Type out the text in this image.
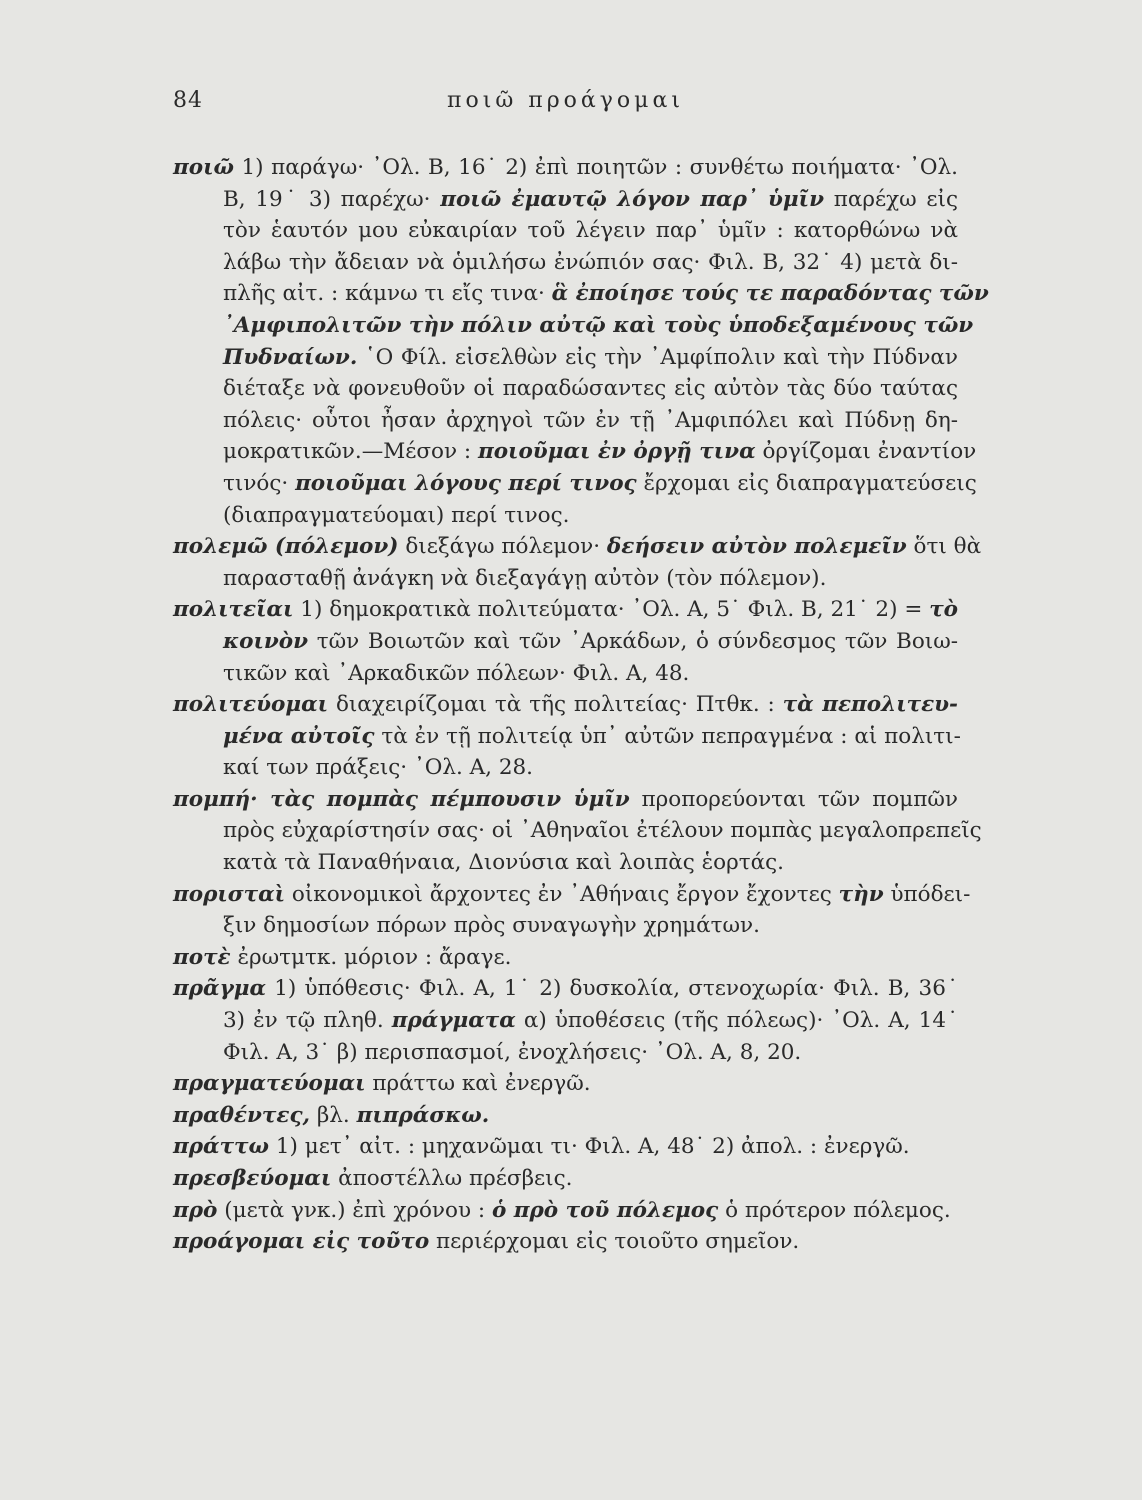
84	ποιῶ προάγομαι
ποιῶ 1) παράγω· ᾿Ολ. Β, 16˙ 2) ἐπὶ ποιητῶν : συνθέτω ποιήματα· ᾿Ολ.
Β, 19˙ 3) παρέχω· ποιῶ ἐμαυτῷ λόγον παρ᾿ ὑμῖν παρέχω εἰς
τὸν ἑαυτόν μου εὐκαιρίαν τοῦ λέγειν παρ᾿ ὑμῖν : κατορθώνω νὰ
λάβω τὴν ἄδειαν νὰ ὁμιλήσω ἐνώπιόν σας· Φιλ. Β, 32˙ 4) μετὰ δι-
πλῆς αἰτ. : κάμνω τι εἴς τινα· ἃ ἐποίησε τούς τε παραδόντας τῶν
᾿Αμφιπολιτῶν τὴν πόλιν αὐτῷ καὶ τοὺς ὑποδεξαμένους τῶν
Πυδναίων. ῾Ο Φίλ. εἰσελθὼν εἰς τὴν ᾿Αμφίπολιν καὶ τὴν Πύδναν
διέταξε νὰ φονευθοῦν οἱ παραδώσαντες εἰς αὐτὸν τὰς δύο ταύτας
πόλεις· οὗτοι ἦσαν ἀρχηγοὶ τῶν ἐν τῇ ᾿Αμφιπόλει καὶ Πύδνῃ δη-
μοκρατικῶν.—Μέσον : ποιοῦμαι ἐν ὀργῇ τινα ὀργίζομαι ἐναντίον
τινός· ποιοῦμαι λόγους περί τινος ἔρχομαι εἰς διαπραγματεύσεις
(διαπραγματεύομαι) περί τινος.
πολεμῶ (πόλεμον) διεξάγω πόλεμον· δεήσειν αὐτὸν πολεμεῖν ὅτι θὰ
παρασταθῇ ἀνάγκη νὰ διεξαγάγῃ αὐτὸν (τὸν πόλεμον).
πολιτεῖαι 1) δημοκρατικὰ πολιτεύματα· ᾿Ολ. Α, 5˙ Φιλ. Β, 21˙ 2) = τὸ
κοινὸν τῶν Βοιωτῶν καὶ τῶν ᾿Αρκάδων, ὁ σύνδεσμος τῶν Βοιω-
τικῶν καὶ ᾿Αρκαδικῶν πόλεων· Φιλ. Α, 48.
πολιτεύομαι διαχειρίζομαι τὰ τῆς πολιτείας· Πτθκ. : τὰ πεπολιτευ-
μένα αὐτοῖς τὰ ἐν τῇ πολιτείᾳ ὑπ᾿ αὐτῶν πεπραγμένα : αἱ πολιτι-
καί των πράξεις· ᾿Ολ. Α, 28.
πομπή· τὰς πομπὰς πέμπουσιν ὑμῖν προπορεύονται τῶν πομπῶν
πρὸς εὐχαρίστησίν σας· οἱ ᾿Αθηναῖοι ἐτέλουν πομπὰς μεγαλοπρεπεῖς
κατὰ τὰ Παναθήναια, Διονύσια καὶ λοιπὰς ἑορτάς.
πορισταὶ οἰκονομικοὶ ἄρχοντες ἐν ᾿Αθήναις ἔργον ἔχοντες τὴν ὑπόδει-
ξιν δημοσίων πόρων πρὸς συναγωγὴν χρημάτων.
ποτὲ ἐρωτμτκ. μόριον : ἄραγε.
πρᾶγμα 1) ὑπόθεσις· Φιλ. Α, 1˙ 2) δυσκολία, στενοχωρία· Φιλ. Β, 36˙
3) ἐν τῷ πληθ. πράγματα α) ὑποθέσεις (τῆς πόλεως)· ᾿Ολ. Α, 14˙
Φιλ. Α, 3˙ β) περισπασμοί, ἐνοχλήσεις· ᾿Ολ. Α, 8, 20.
πραγματεύομαι πράττω καὶ ἐνεργῶ.
πραθέντες, βλ. πιπράσκω.
πράττω 1) μετ᾿ αἰτ. : μηχανῶμαι τι· Φιλ. Α, 48˙ 2) ἀπολ. : ἐνεργῶ.
πρεσβεύομαι ἀποστέλλω πρέσβεις.
πρὸ (μετὰ γνκ.) ἐπὶ χρόνου : ὁ πρὸ τοῦ πόλεμος ὁ πρότερον πόλεμος.
προάγομαι εἰς τοῦτο περιέρχομαι εἰς τοιοῦτο σημεῖον.
